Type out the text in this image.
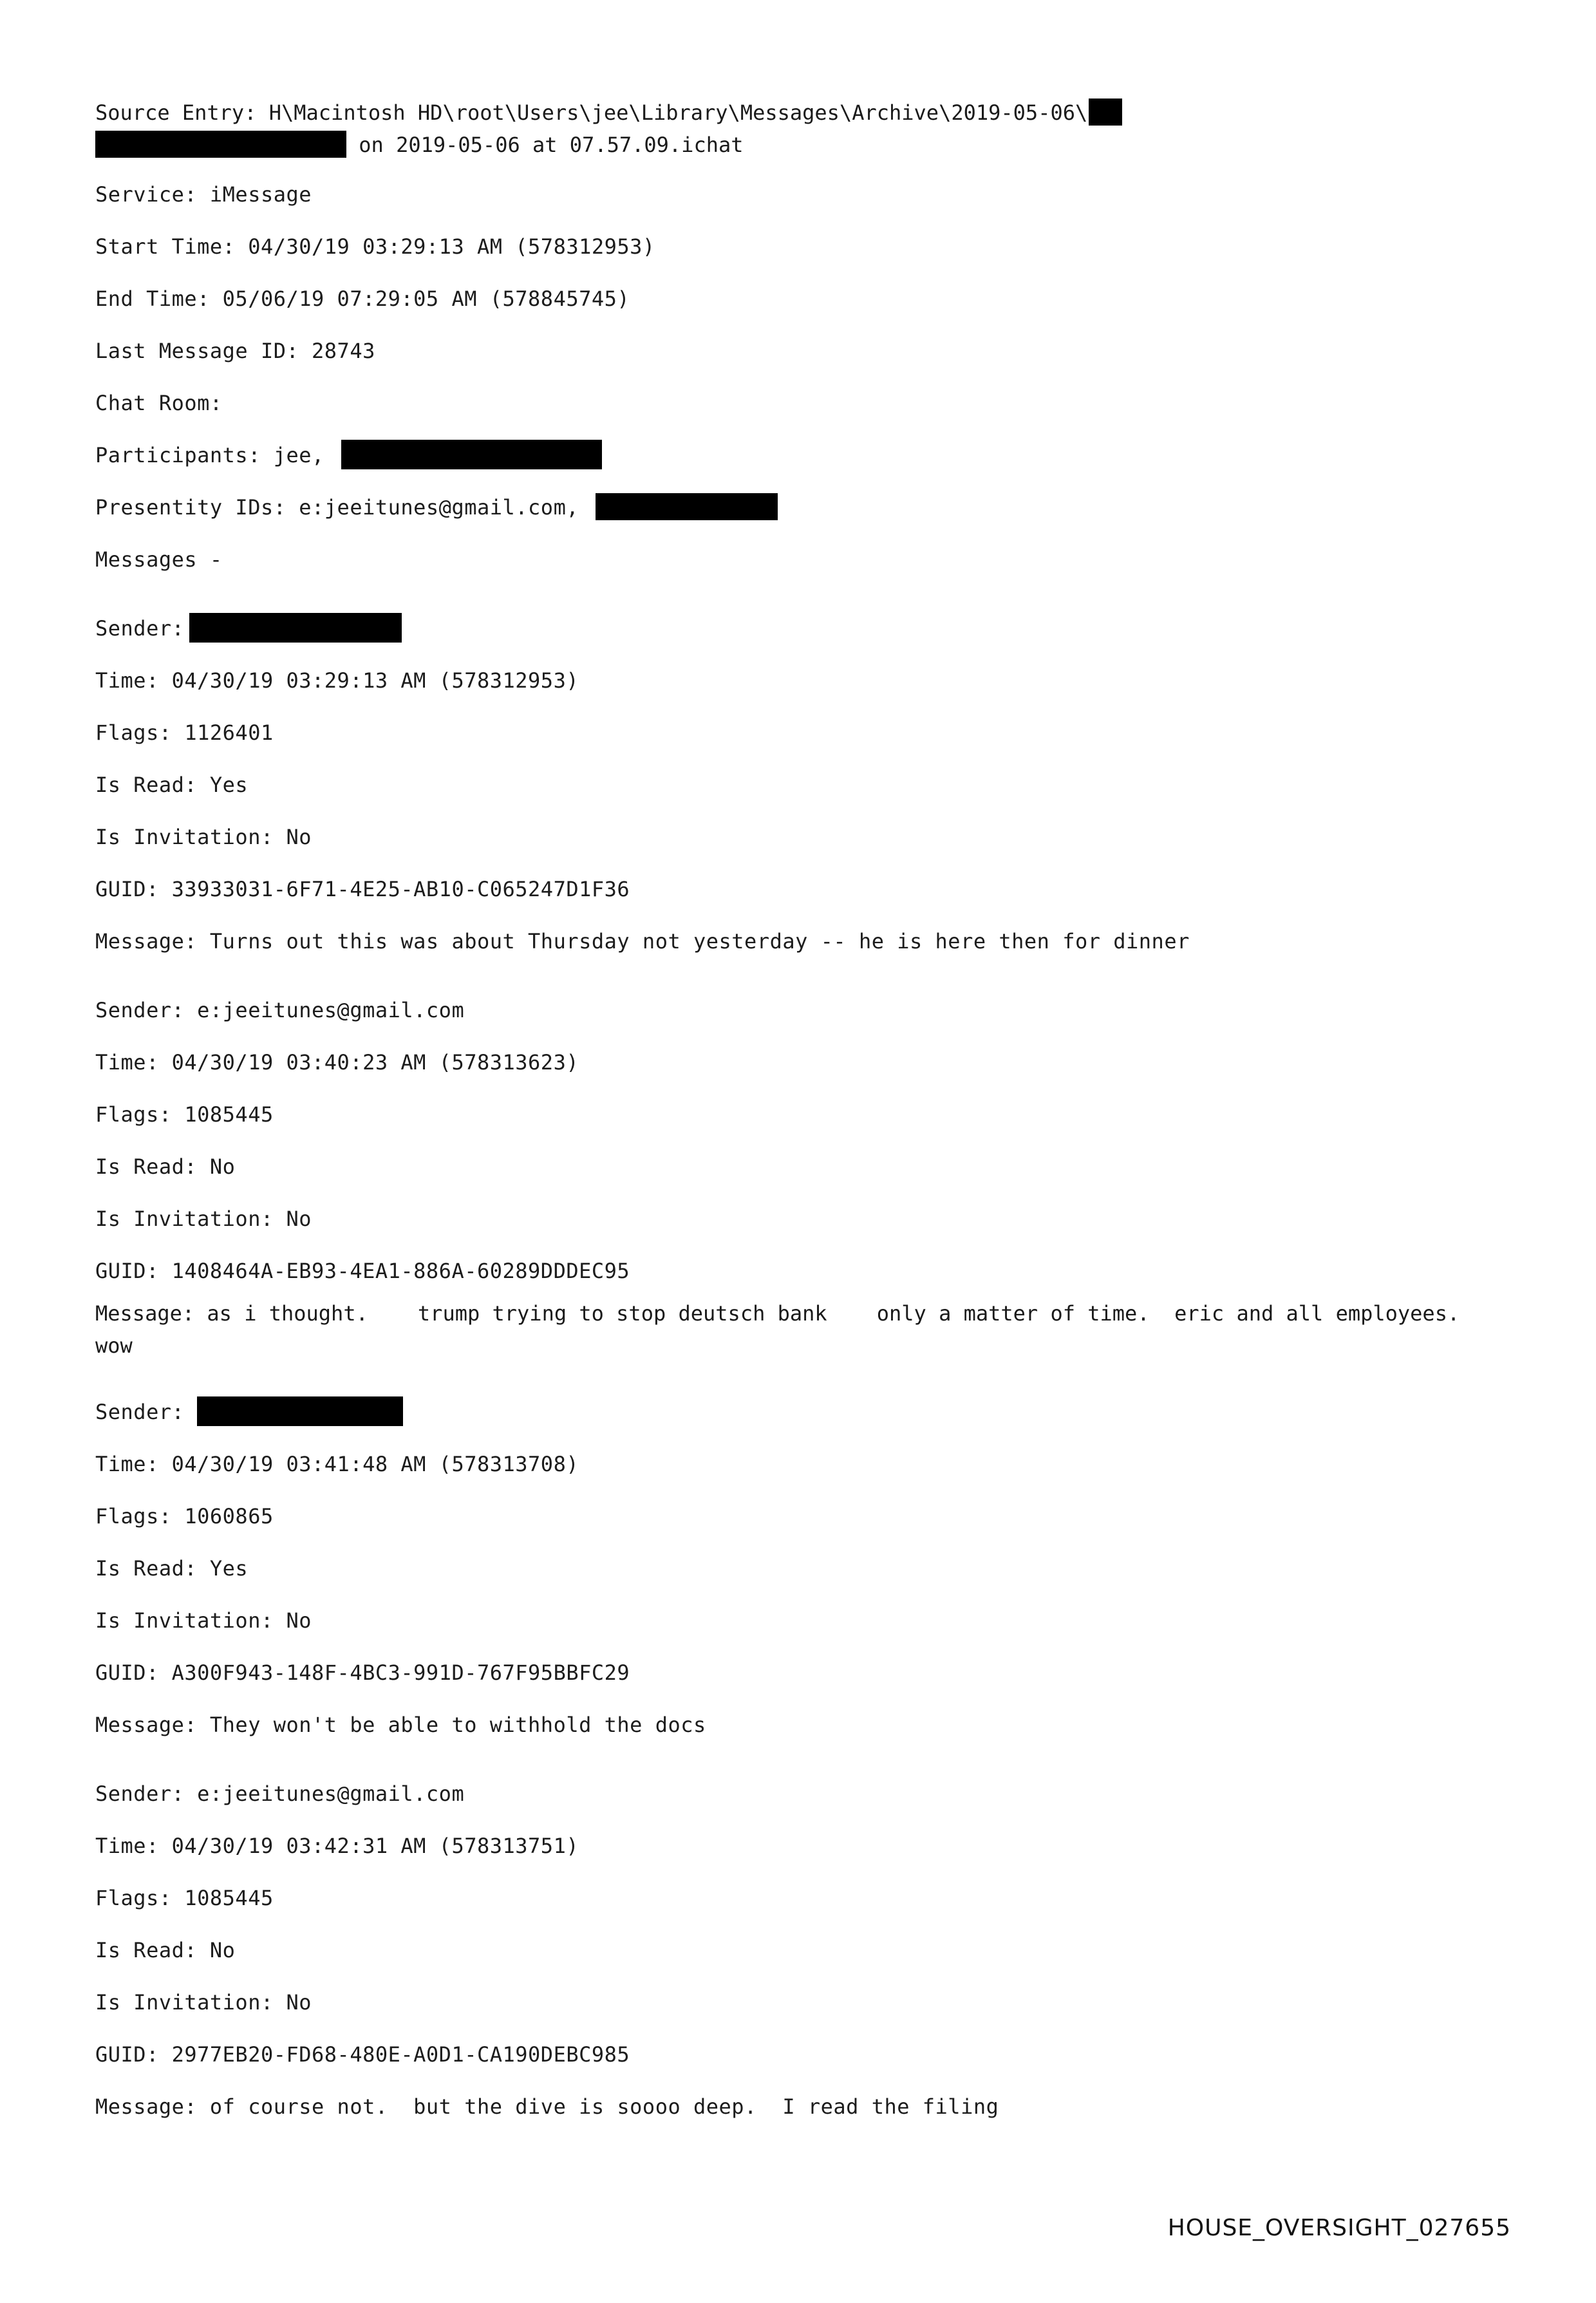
Source Entry: H\Macintosh HD\root\Users\jee\Library\Messages\Archive\2019-05-06\
on 2019-05-06 at 07.57.09.ichat
Service: iMessage
Start Time: 04/30/19 03:29:13 AM (578312953)
End Time: 05/06/19 07:29:05 AM (578845745)
Last Message ID: 28743
Chat Room:
Participants: jee,
Presentity IDs: e:jeeitunes@gmail.com,
Messages -
Sender:
Time: 04/30/19 03:29:13 AM (578312953)
Flags: 1126401
Is Read: Yes
Is Invitation: No
GUID: 33933031-6F71-4E25-AB10-C065247D1F36
Message: Turns out this was about Thursday not yesterday -- he is here then for dinner
Sender: e:jeeitunes@gmail.com
Time: 04/30/19 03:40:23 AM (578313623)
Flags: 1085445
Is Read: No
Is Invitation: No
GUID: 1408464A-EB93-4EA1-886A-60289DDDEC95
Message: as i thought.    trump trying to stop deutsch bank    only a matter of time.  eric and all employees.   wow
Sender:
Time: 04/30/19 03:41:48 AM (578313708)
Flags: 1060865
Is Read: Yes
Is Invitation: No
GUID: A300F943-148F-4BC3-991D-767F95BBFC29
Message: They won't be able to withhold the docs
Sender: e:jeeitunes@gmail.com
Time: 04/30/19 03:42:31 AM (578313751)
Flags: 1085445
Is Read: No
Is Invitation: No
GUID: 2977EB20-FD68-480E-A0D1-CA190DEBC985
Message: of course not.  but the dive is soooo deep.  I read the filing
HOUSE_OVERSIGHT_027655
